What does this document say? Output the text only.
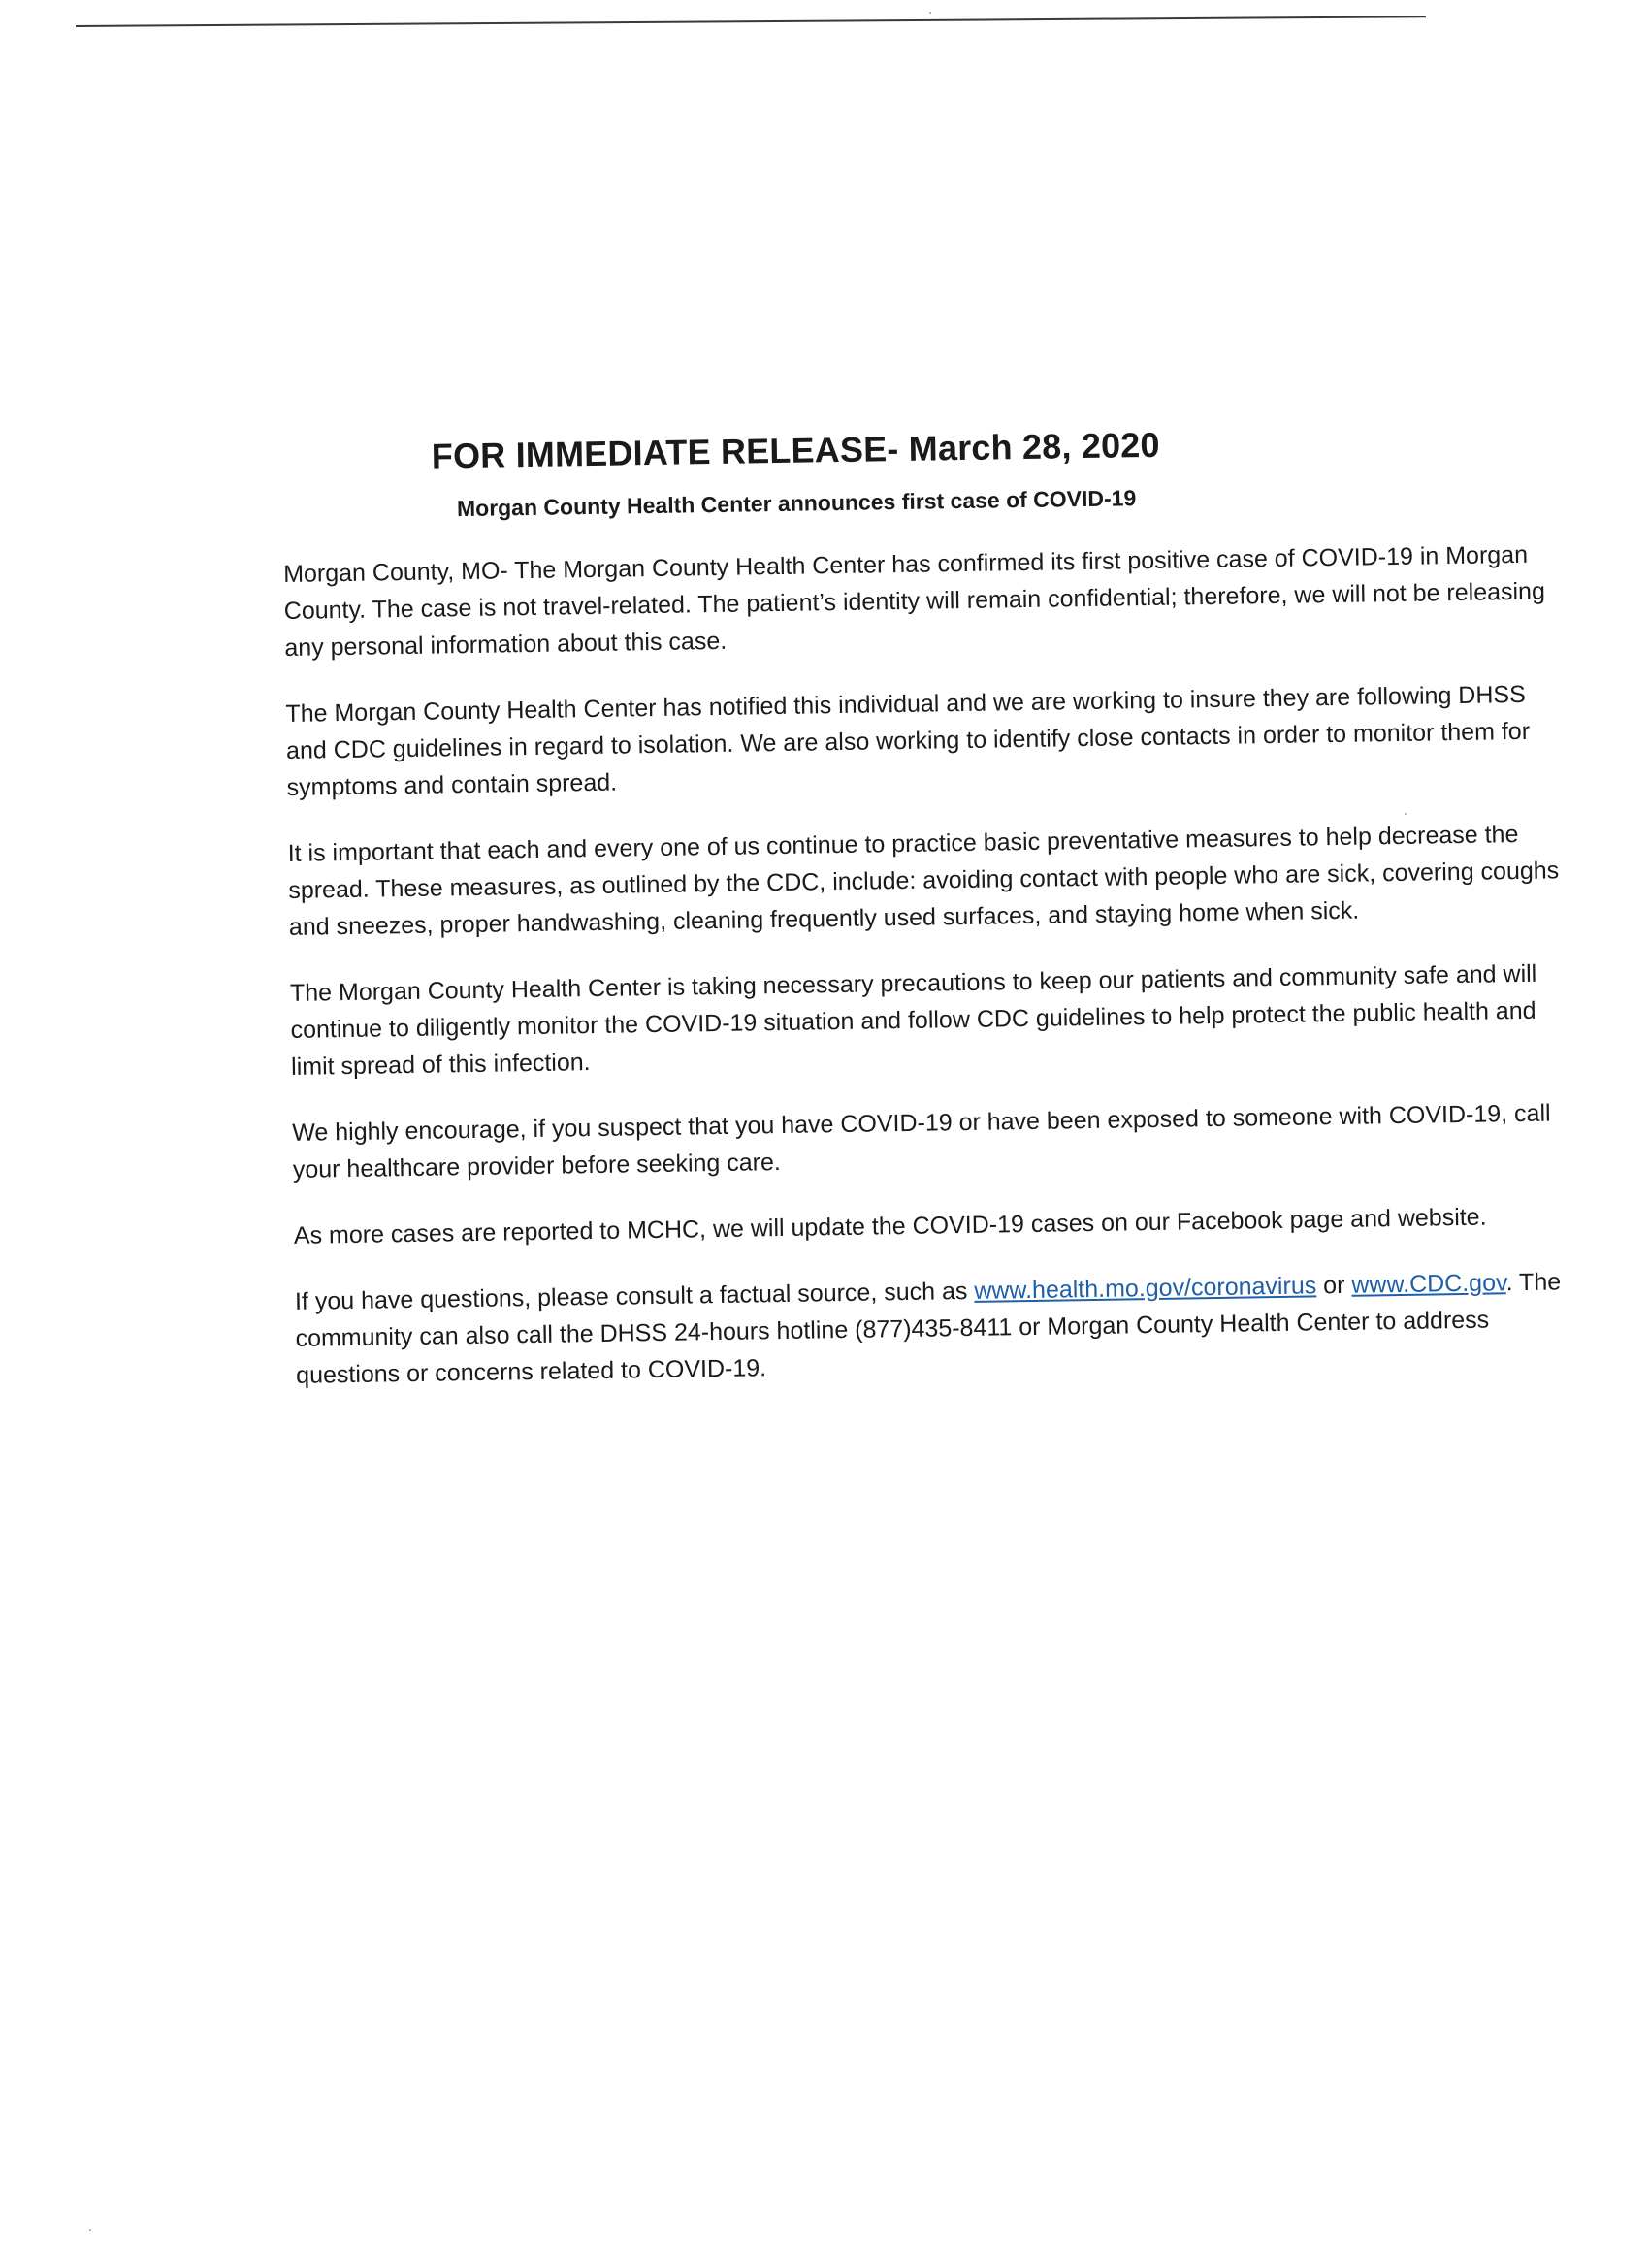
FOR IMMEDIATE RELEASE- March 28, 2020
Morgan County Health Center announces first case of COVID-19

Morgan County, MO- The Morgan County Health Center has confirmed its first positive case of COVID-19 in Morgan County. The case is not travel-related. The patient’s identity will remain confidential; therefore, we will not be releasing any personal information about this case.

The Morgan County Health Center has notified this individual and we are working to insure they are following DHSS and CDC guidelines in regard to isolation. We are also working to identify close contacts in order to monitor them for symptoms and contain spread.

It is important that each and every one of us continue to practice basic preventative measures to help decrease the spread. These measures, as outlined by the CDC, include: avoiding contact with people who are sick, covering coughs and sneezes, proper handwashing, cleaning frequently used surfaces, and staying home when sick.

The Morgan County Health Center is taking necessary precautions to keep our patients and community safe and will continue to diligently monitor the COVID-19 situation and follow CDC guidelines to help protect the public health and limit spread of this infection.

We highly encourage, if you suspect that you have COVID-19 or have been exposed to someone with COVID-19, call your healthcare provider before seeking care.

As more cases are reported to MCHC, we will update the COVID-19 cases on our Facebook page and website.

If you have questions, please consult a factual source, such as www.health.mo.gov/coronavirus or www.CDC.gov. The community can also call the DHSS 24-hours hotline (877)435-8411 or Morgan County Health Center to address questions or concerns related to COVID-19.
